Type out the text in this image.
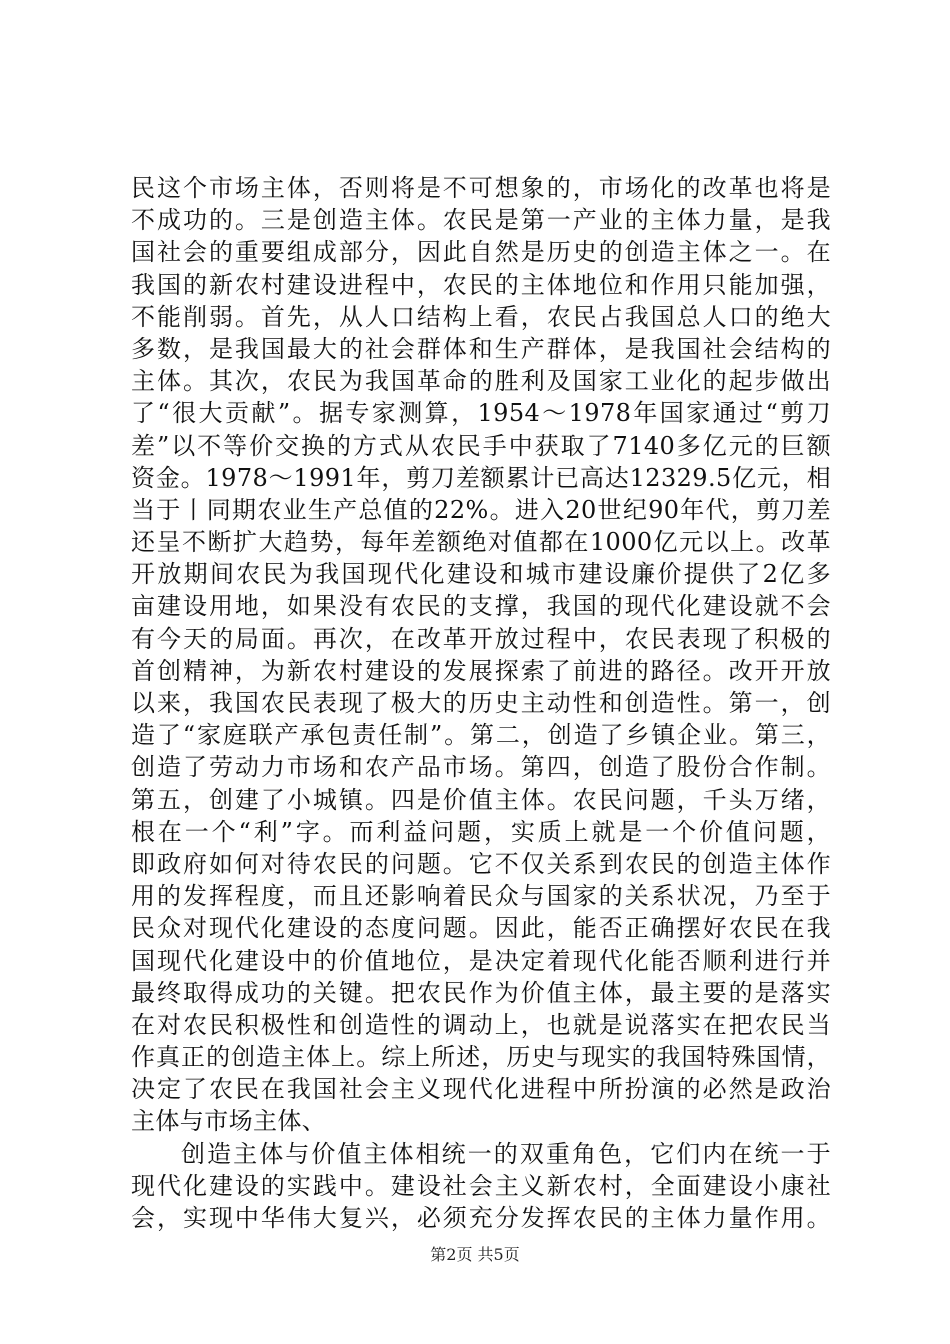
民这个市场主体，否则将是不可想象的，市场化的改革也将是
不成功的。三是创造主体。农民是第一产业的主体力量，是我
国社会的重要组成部分，因此自然是历史的创造主体之一。在
我国的新农村建设进程中，农民的主体地位和作用只能加强，
不能削弱。首先，从人口结构上看，农民占我国总人口的绝大
多数，是我国最大的社会群体和生产群体，是我国社会结构的
主体。其次，农民为我国革命的胜利及国家工业化的起步做出
了“很大贡献”。据专家测算，1954～1978年国家通过“剪刀
差”以不等价交换的方式从农民手中获取了7140多亿元的巨额
资金。1978～1991年，剪刀差额累计已高达12329.5亿元，相
当于丨同期农业生产总值的22%。进入20世纪90年代，剪刀差
还呈不断扩大趋势，每年差额绝对值都在1000亿元以上。改革
开放期间农民为我国现代化建设和城市建设廉价提供了2亿多
亩建设用地，如果没有农民的支撑，我国的现代化建设就不会
有今天的局面。再次，在改革开放过程中，农民表现了积极的
首创精神，为新农村建设的发展探索了前进的路径。改开开放
以来，我国农民表现了极大的历史主动性和创造性。第一，创
造了“家庭联产承包责任制”。第二，创造了乡镇企业。第三，
创造了劳动力市场和农产品市场。第四，创造了股份合作制。
第五，创建了小城镇。四是价值主体。农民问题，千头万绪，
根在一个“利”字。而利益问题，实质上就是一个价值问题，
即政府如何对待农民的问题。它不仅关系到农民的创造主体作
用的发挥程度，而且还影响着民众与国家的关系状况，乃至于
民众对现代化建设的态度问题。因此，能否正确摆好农民在我
国现代化建设中的价值地位，是决定着现代化能否顺利进行并
最终取得成功的关键。把农民作为价值主体，最主要的是落实
在对农民积极性和创造性的调动上，也就是说落实在把农民当
作真正的创造主体上。综上所述，历史与现实的我国特殊国情，
决定了农民在我国社会主义现代化进程中所扮演的必然是政治
主体与市场主体、
创造主体与价值主体相统一的双重角色，它们内在统一于
现代化建设的实践中。建设社会主义新农村，全面建设小康社
会，实现中华伟大复兴，必须充分发挥农民的主体力量作用。
第2页 共5页
